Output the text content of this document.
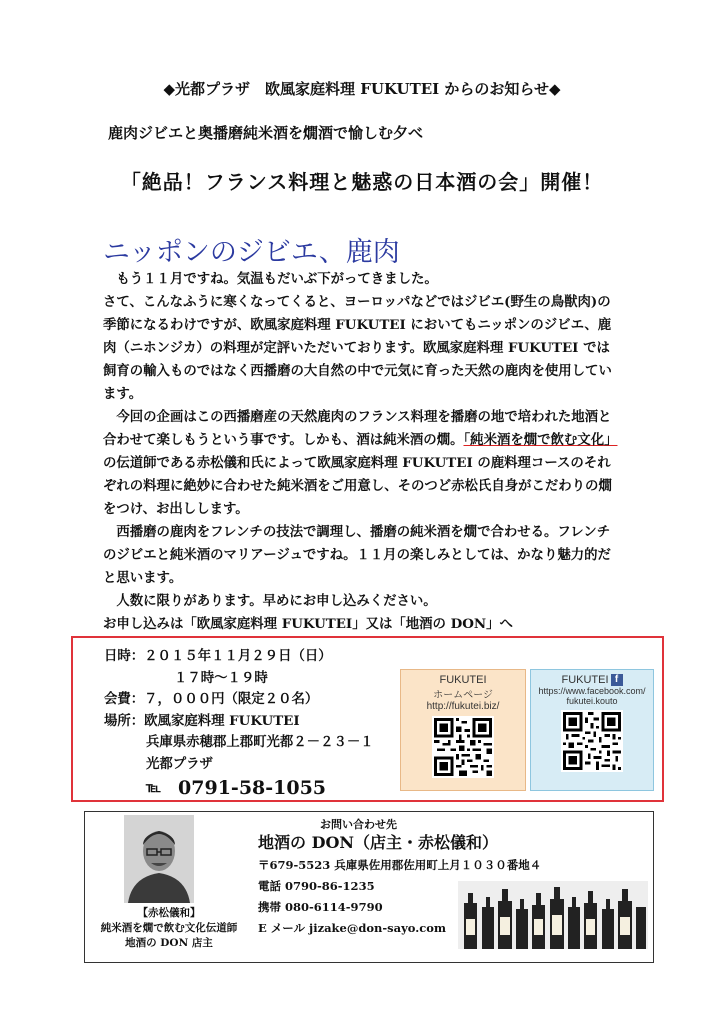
◆光都プラザ　欧風家庭料理 FUKUTEI からのお知らせ◆
鹿肉ジビエと奥播磨純米酒を燗酒で愉しむ夕べ
「絶品！フランス料理と魅惑の日本酒の会」開催！
ニッポンのジビエ、鹿肉

もう１１月ですね。気温もだいぶ下がってきました。

さて、こんなふうに寒くなってくると、ヨーロッパなどではジビエ(野生の鳥獣肉)の季節になるわけですが、欧風家庭料理 FUKUTEI においてもニッポンのジビエ、鹿肉（ニホンジカ）の料理が定評いただいております。欧風家庭料理 FUKUTEI では飼育の輸入ものではなく西播磨の大自然の中で元気に育った天然の鹿肉を使用しています。

今回の企画はこの西播磨産の天然鹿肉のフランス料理を播磨の地で培われた地酒と合わせて楽しもうという事です。しかも、酒は純米酒の燗。「純米酒を燗で飲む文化」の伝道師である赤松儀和氏によって欧風家庭料理 FUKUTEI の鹿料理コースのそれぞれの料理に絶妙に合わせた純米酒をご用意し、そのつど赤松氏自身がこだわりの燗をつけ、お出しします。

西播磨の鹿肉をフレンチの技法で調理し、播磨の純米酒を燗で合わせる。フレンチのジビエと純米酒のマリアージュですね。１１月の楽しみとしては、かなり魅力的だと思います。

人数に限りがあります。早めにお申し込みください。

お申し込みは「欧風家庭料理 FUKUTEI」又は「地酒の DON」へ

日時：２０１５年１１月２９日（日）
１７時～１９時
会費：７，０００円（限定２０名）
場所：欧風家庭料理 FUKUTEI
兵庫県赤穂郡上郡町光都２－２３－１
光都プラザ
℡ 0791-58-1055
FUKUTEI
ホームページ
http://fukutei.biz/
FUKUTEI f
https://www.facebook.com/
fukutei.kouto
お問い合わせ先
【赤松儀和】
純米酒を燗で飲む文化伝道師
地酒の DON 店主
地酒の DON（店主・赤松儀和）
〒679-5523 兵庫県佐用郡佐用町上月１０３０番地４
電話 0790-86-1235
携帯 080-6114-9790
E メール jizake@don-sayo.com
